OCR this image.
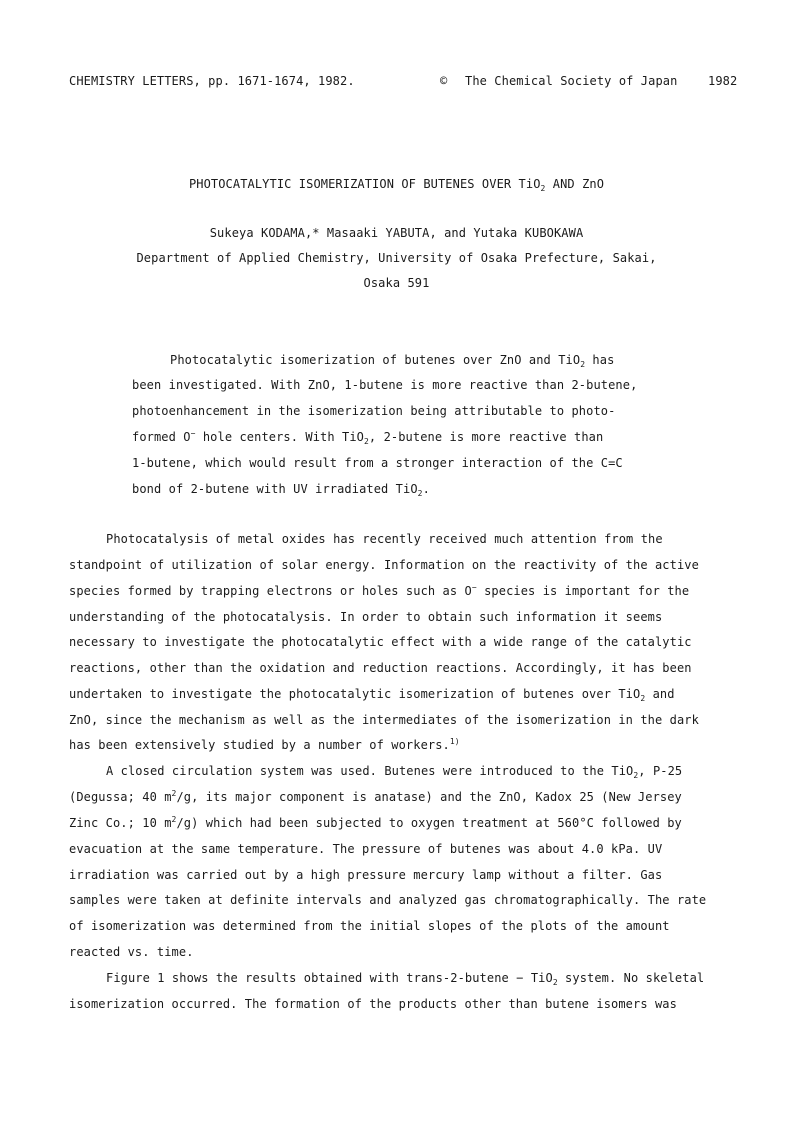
CHEMISTRY LETTERS, pp. 1671-1674, 1982.	© The Chemical Society of Japan	1982
PHOTOCATALYTIC ISOMERIZATION OF BUTENES OVER TiO$_2$ AND ZnO
Sukeya KODAMA,* Masaaki YABUTA, and Yutaka KUBOKAWA
Department of Applied Chemistry, University of Osaka Prefecture, Sakai,
Osaka 591
Photocatalytic isomerization of butenes over ZnO and TiO$_2$ has
been investigated. With ZnO, 1-butene is more reactive than 2-butene,
photoenhancement in the isomerization being attributable to photo-
formed O− hole centers. With TiO$_2$, 2-butene is more reactive than
1-butene, which would result from a stronger interaction of the C=C
bond of 2-butene with UV irradiated TiO$_2$.
Photocatalysis of metal oxides has recently received much attention from the
standpoint of utilization of solar energy. Information on the reactivity of the active
species formed by trapping electrons or holes such as O− species is important for the
understanding of the photocatalysis. In order to obtain such information it seems
necessary to investigate the photocatalytic effect with a wide range of the catalytic
reactions, other than the oxidation and reduction reactions. Accordingly, it has been
undertaken to investigate the photocatalytic isomerization of butenes over TiO$_2$ and
ZnO, since the mechanism as well as the intermediates of the isomerization in the dark
has been extensively studied by a number of workers.$^{1)}$
A closed circulation system was used. Butenes were introduced to the TiO$_2$, P-25
(Degussa; 40 $m^2/g$, its major component is anatase) and the ZnO, Kadox 25 (New Jersey
Zinc Co.; 10 $m^2/g$) which had been subjected to oxygen treatment at 560°C followed by
evacuation at the same temperature. The pressure of butenes was about 4.0 kPa. UV
irradiation was carried out by a high pressure mercury lamp without a filter. Gas
samples were taken at definite intervals and analyzed gas chromatographically. The rate
of isomerization was determined from the initial slopes of the plots of the amount
reacted vs. time.
Figure 1 shows the results obtained with trans-2-butene − TiO$_2$ system. No skeletal
isomerization occurred. The formation of the products other than butene isomers was
